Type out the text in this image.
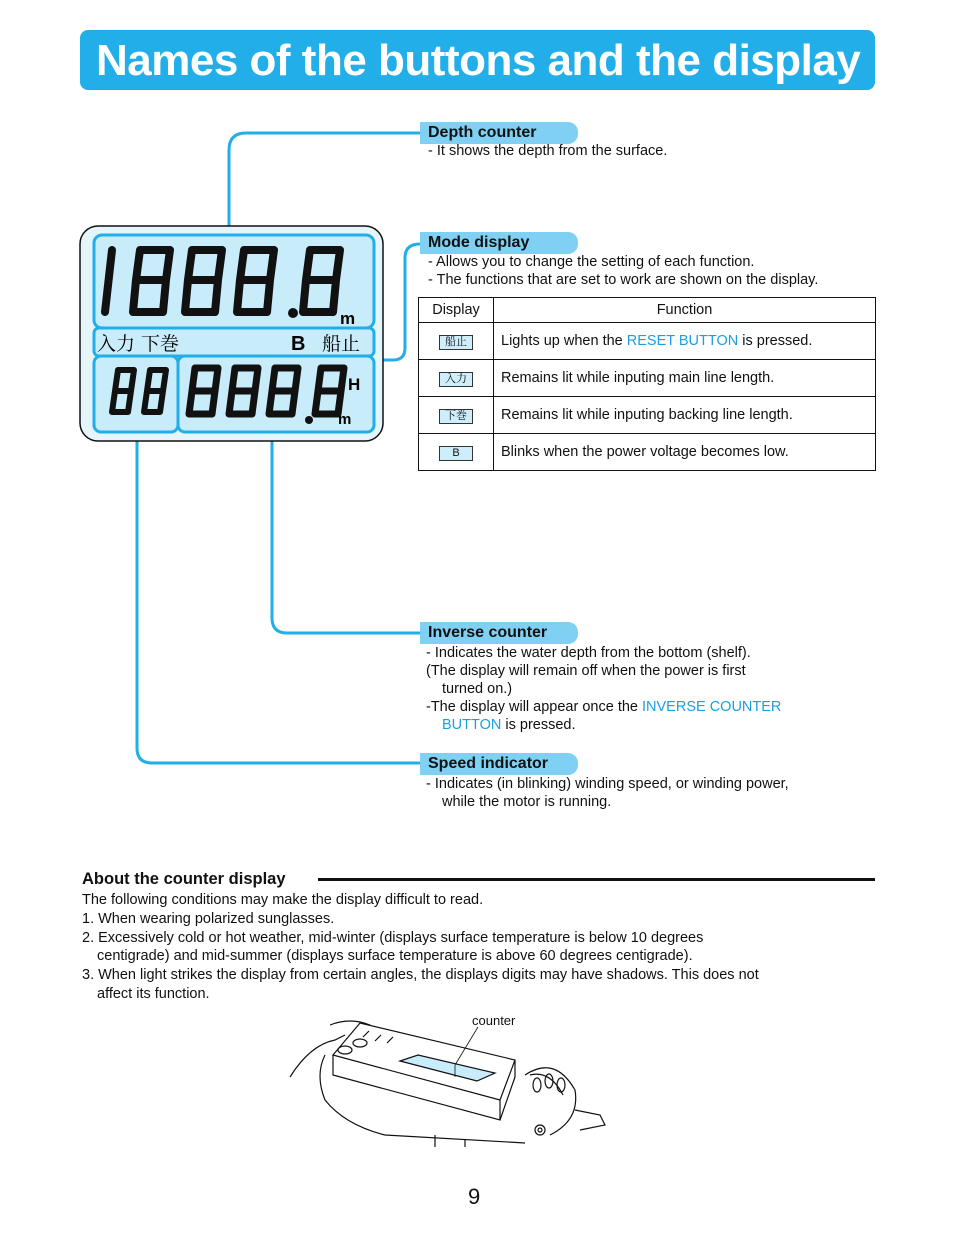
Names of the buttons and the display
m
入力 下巻	B 船止
H
m
Depth counter
- It shows the depth from the surface.
Mode display
- Allows you to change the setting of each function.
- The functions that are set to work are shown on the display.
Display	Function
船止	Lights up when the RESET BUTTON is pressed.
入力	Remains lit while inputing main line length.
下巻	Remains lit while inputing backing line length.
B	Blinks when the power voltage becomes low.
Inverse counter
- Indicates the water depth from the bottom (shelf).
(The display will remain off when the power is first
turned on.)
-The display will appear once the INVERSE COUNTER
BUTTON is pressed.
Speed indicator
- Indicates (in blinking) winding speed, or winding power,
while the motor is running.
About the counter display
The following conditions may make the display difficult to read.
1. When wearing polarized sunglasses.
2. Excessively cold or hot weather, mid-winter (displays surface temperature is below 10 degrees
centigrade) and mid-summer (displays surface temperature is above 60 degrees centigrade).
3. When light strikes the display from certain angles, the displays digits may have shadows. This does not
affect its function.
counter
9
